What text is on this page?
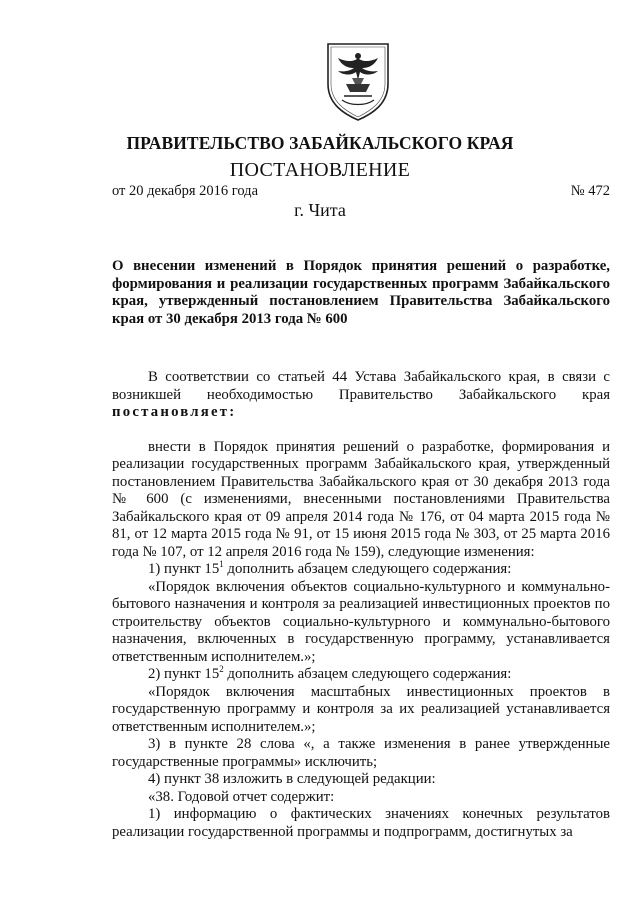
ПРАВИТЕЛЬСТВО ЗАБАЙКАЛЬСКОГО КРАЯ
ПОСТАНОВЛЕНИЕ
от 20 декабря 2016 года	№ 472
г. Чита
О внесении изменений в Порядок принятия решений о разработке, формирования и реализации государственных программ Забайкальского края, утвержденный постановлением Правительства Забайкальского края от 30 декабря 2013 года № 600

В соответствии со статьей 44 Устава Забайкальского края, в связи с возникшей необходимостью Правительство Забайкальского края постановляет:

внести в Порядок принятия решений о разработке, формирования и реализации государственных программ Забайкальского края, утвержденный постановлением Правительства Забайкальского края от 30 декабря 2013 года № 600 (с изменениями, внесенными постановлениями Правительства Забайкальского края от 09 апреля 2014 года № 176, от 04 марта 2015 года № 81, от 12 марта 2015 года № 91, от 15 июня 2015 года № 303, от 25 марта 2016 года № 107, от 12 апреля 2016 года № 159), следующие изменения:

1) пункт $15^1$ дополнить абзацем следующего содержания:

«Порядок включения объектов социально-культурного и коммунально-бытового назначения и контроля за реализацией инвестиционных проектов по строительству объектов социально-культурного и коммунально-бытового назначения, включенных в государственную программу, устанавливается ответственным исполнителем.»;

2) пункт $15^2$ дополнить абзацем следующего содержания:

«Порядок включения масштабных инвестиционных проектов в государственную программу и контроля за их реализацией устанавливается ответственным исполнителем.»;

3) в пункте 28 слова «, а также изменения в ранее утвержденные государственные программы» исключить;

4) пункт 38 изложить в следующей редакции:

«38. Годовой отчет содержит:

1) информацию о фактических значениях конечных результатов реализации государственной программы и подпрограмм, достигнутых за
